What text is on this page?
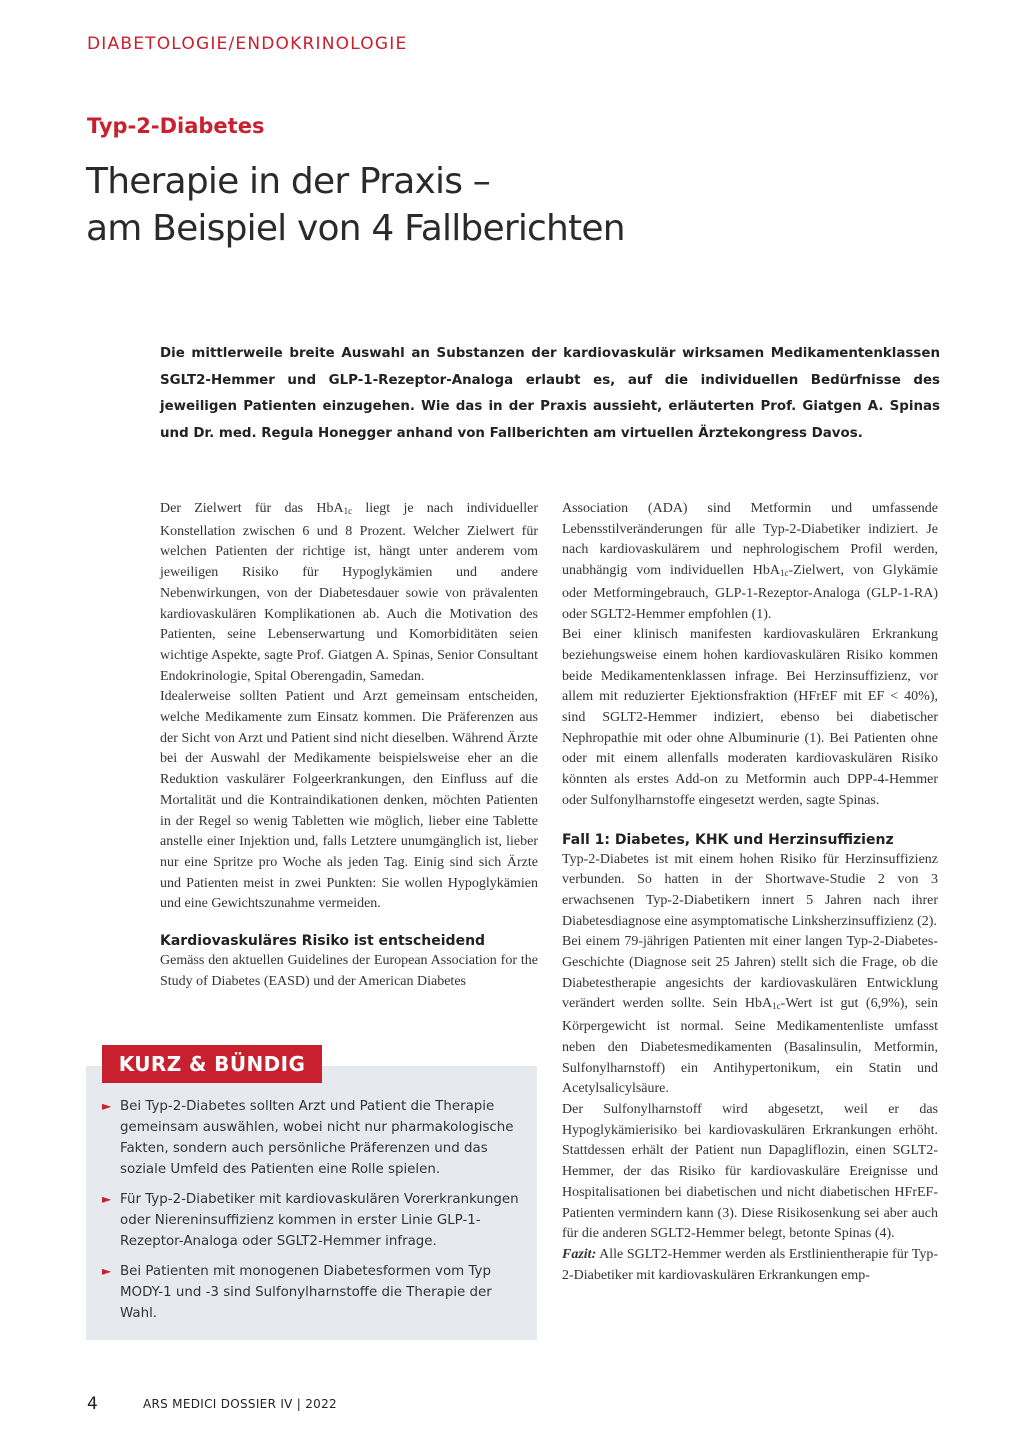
DIABETOLOGIE/ENDOKRINOLOGIE
Typ-2-Diabetes
Therapie in der Praxis –
am Beispiel von 4 Fallberichten
Die mittlerweile breite Auswahl an Substanzen der kardiovaskulär wirksamen Medikamentenklassen SGLT2-Hemmer und GLP-1-Rezeptor-Analoga erlaubt es, auf die individuellen Bedürfnisse des jeweiligen Patienten einzugehen. Wie das in der Praxis aussieht, erläuterten Prof. Giatgen A. Spinas und Dr. med. Regula Honegger anhand von Fallberichten am virtuellen Ärztekongress Davos.

Der Zielwert für das HbA$_{1c}$ liegt je nach individueller Konstellation zwischen 6 und 8 Prozent. Welcher Zielwert für welchen Patienten der richtige ist, hängt unter anderem vom jeweiligen Risiko für Hypoglykämien und andere Nebenwirkungen, von der Diabetesdauer sowie von prävalenten kardiovaskulären Komplikationen ab. Auch die Motivation des Patienten, seine Lebenserwartung und Komorbiditäten seien wichtige Aspekte, sagte Prof. Giatgen A. Spinas, Senior Consultant Endokrinologie, Spital Oberengadin, Samedan.

Idealerweise sollten Patient und Arzt gemeinsam entscheiden, welche Medikamente zum Einsatz kommen. Die Präferenzen aus der Sicht von Arzt und Patient sind nicht dieselben. Während Ärzte bei der Auswahl der Medikamente beispielsweise eher an die Reduktion vaskulärer Folgeerkrankungen, den Einfluss auf die Mortalität und die Kontraindikationen denken, möchten Patienten in der Regel so wenig Tabletten wie möglich, lieber eine Tablette anstelle einer Injektion und, falls Letztere unumgänglich ist, lieber nur eine Spritze pro Woche als jeden Tag. Einig sind sich Ärzte und Patienten meist in zwei Punkten: Sie wollen Hypoglykämien und eine Gewichtszunahme vermeiden.

Kardiovaskuläres Risiko ist entscheidend

Gemäss den aktuellen Guidelines der European Association for the Study of Diabetes (EASD) und der American Diabetes

Association (ADA) sind Metformin und umfassende Lebensstilveränderungen für alle Typ-2-Diabetiker indiziert. Je nach kardiovaskulärem und nephrologischem Profil werden, unabhängig vom individuellen HbA$_{1c}$-Zielwert, von Glykämie oder Metformingebrauch, GLP-1-Rezeptor-Analoga (GLP-1-RA) oder SGLT2-Hemmer empfohlen (1).

Bei einer klinisch manifesten kardiovaskulären Erkrankung beziehungsweise einem hohen kardiovaskulären Risiko kommen beide Medikamentenklassen infrage. Bei Herzinsuffizienz, vor allem mit reduzierter Ejektionsfraktion (HFrEF mit EF < 40%), sind SGLT2-Hemmer indiziert, ebenso bei diabetischer Nephropathie mit oder ohne Albuminurie (1). Bei Patienten ohne oder mit einem allenfalls moderaten kardiovaskulären Risiko könnten als erstes Add-on zu Metformin auch DPP-4-Hemmer oder Sulfonylharnstoffe eingesetzt werden, sagte Spinas.

Fall 1: Diabetes, KHK und Herzinsuffizienz

Typ-2-Diabetes ist mit einem hohen Risiko für Herzinsuffizienz verbunden. So hatten in der Shortwave-Studie 2 von 3 erwachsenen Typ-2-Diabetikern innert 5 Jahren nach ihrer Diabetesdiagnose eine asymptomatische Linksherzinsuffizienz (2).

Bei einem 79-jährigen Patienten mit einer langen Typ-2-Diabetes-Geschichte (Diagnose seit 25 Jahren) stellt sich die Frage, ob die Diabetestherapie angesichts der kardiovaskulären Entwicklung verändert werden sollte. Sein HbA$_{1c}$-Wert ist gut (6,9%), sein Körpergewicht ist normal. Seine Medikamentenliste umfasst neben den Diabetesmedikamenten (Basalinsulin, Metformin, Sulfonylharnstoff) ein Antihypertonikum, ein Statin und Acetylsalicylsäure.

Der Sulfonylharnstoff wird abgesetzt, weil er das Hypoglykämierisiko bei kardiovaskulären Erkrankungen erhöht. Stattdessen erhält der Patient nun Dapagliflozin, einen SGLT2-Hemmer, der das Risiko für kardiovaskuläre Ereignisse und Hospitalisationen bei diabetischen und nicht diabetischen HFrEF-Patienten vermindern kann (3). Diese Risikosenkung sei aber auch für die anderen SGLT2-Hemmer belegt, betonte Spinas (4).

Fazit: Alle SGLT2-Hemmer werden als Erstlinientherapie für Typ-2-Diabetiker mit kardiovaskulären Erkrankungen emp-

KURZ & BÜNDIG
► Bei Typ-2-Diabetes sollten Arzt und Patient die Therapie gemeinsam auswählen, wobei nicht nur pharmakologische Fakten, sondern auch persönliche Präferenzen und das soziale Umfeld des Patienten eine Rolle spielen.
► Für Typ-2-Diabetiker mit kardiovaskulären Vorerkrankungen oder Niereninsuffizienz kommen in erster Linie GLP-1-Rezeptor-Analoga oder SGLT2-Hemmer infrage.
► Bei Patienten mit monogenen Diabetesformen vom Typ MODY-1 und -3 sind Sulfonylharnstoffe die Therapie der Wahl.
4	ARS MEDICI DOSSIER IV | 2022
